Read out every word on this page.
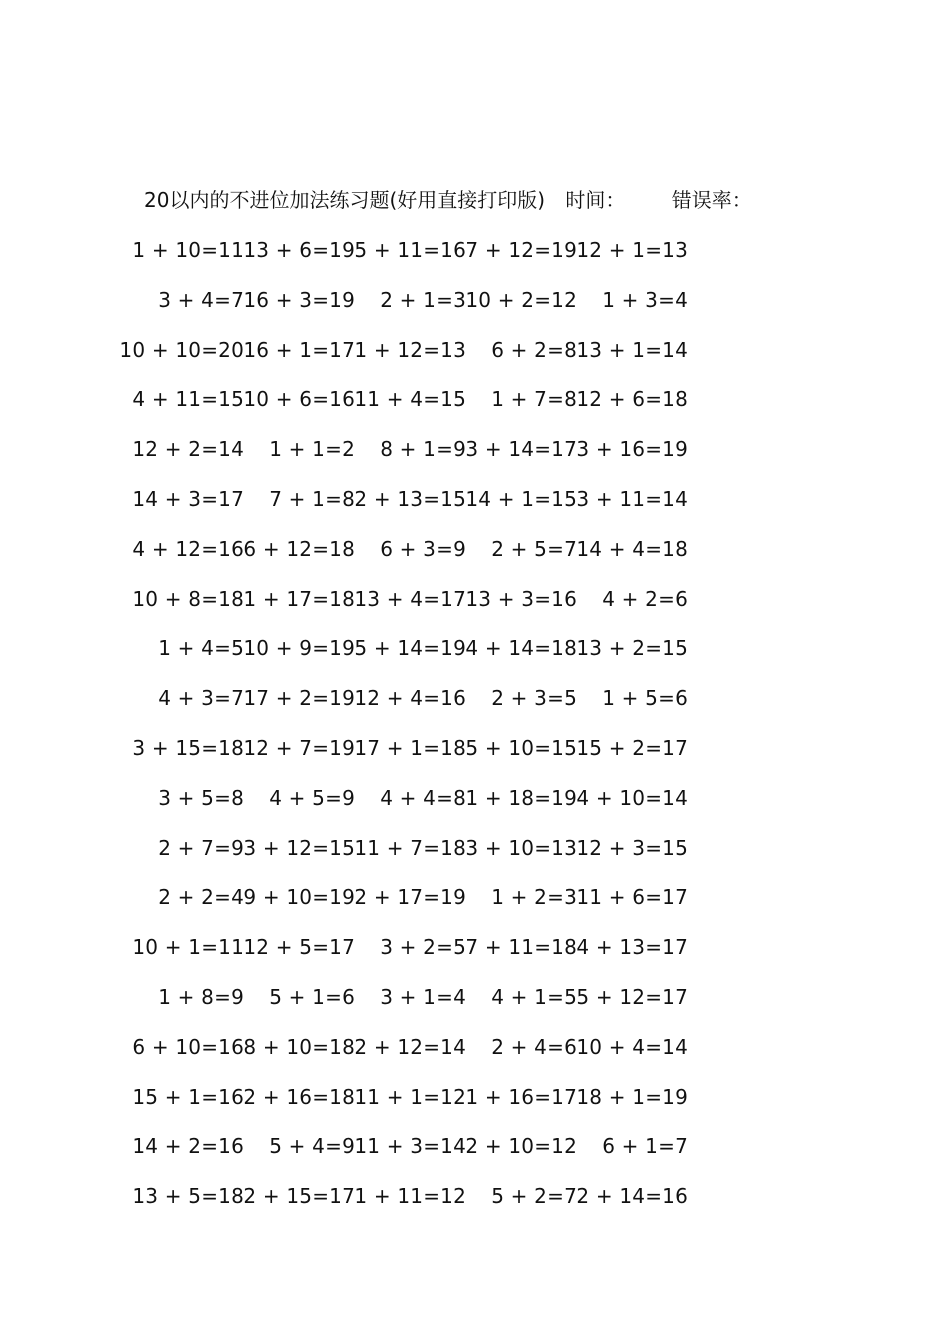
20以内的不进位加法练习题(好用直接打印版) 时间： 错误率：
1 + 10=11 13 + 6=19 5 + 11=16 7 + 12=19 12 + 1=13
3 + 4=7 16 + 3=19 2 + 1=3 10 + 2=12 1 + 3=4
10 + 10=20 16 + 1=17 1 + 12=13 6 + 2=8 13 + 1=14
4 + 11=15 10 + 6=16 11 + 4=15 1 + 7=8 12 + 6=18
12 + 2=14 1 + 1=2 8 + 1=9 3 + 14=17 3 + 16=19
14 + 3=17 7 + 1=8 2 + 13=15 14 + 1=15 3 + 11=14
4 + 12=16 6 + 12=18 6 + 3=9 2 + 5=7 14 + 4=18
10 + 8=18 1 + 17=18 13 + 4=17 13 + 3=16 4 + 2=6
1 + 4=5 10 + 9=19 5 + 14=19 4 + 14=18 13 + 2=15
4 + 3=7 17 + 2=19 12 + 4=16 2 + 3=5 1 + 5=6
3 + 15=18 12 + 7=19 17 + 1=18 5 + 10=15 15 + 2=17
3 + 5=8 4 + 5=9 4 + 4=8 1 + 18=19 4 + 10=14
2 + 7=9 3 + 12=15 11 + 7=18 3 + 10=13 12 + 3=15
2 + 2=4 9 + 10=19 2 + 17=19 1 + 2=3 11 + 6=17
10 + 1=11 12 + 5=17 3 + 2=5 7 + 11=18 4 + 13=17
1 + 8=9 5 + 1=6 3 + 1=4 4 + 1=5 5 + 12=17
6 + 10=16 8 + 10=18 2 + 12=14 2 + 4=6 10 + 4=14
15 + 1=16 2 + 16=18 11 + 1=12 1 + 16=17 18 + 1=19
14 + 2=16 5 + 4=9 11 + 3=14 2 + 10=12 6 + 1=7
13 + 5=18 2 + 15=17 1 + 11=12 5 + 2=7 2 + 14=16
